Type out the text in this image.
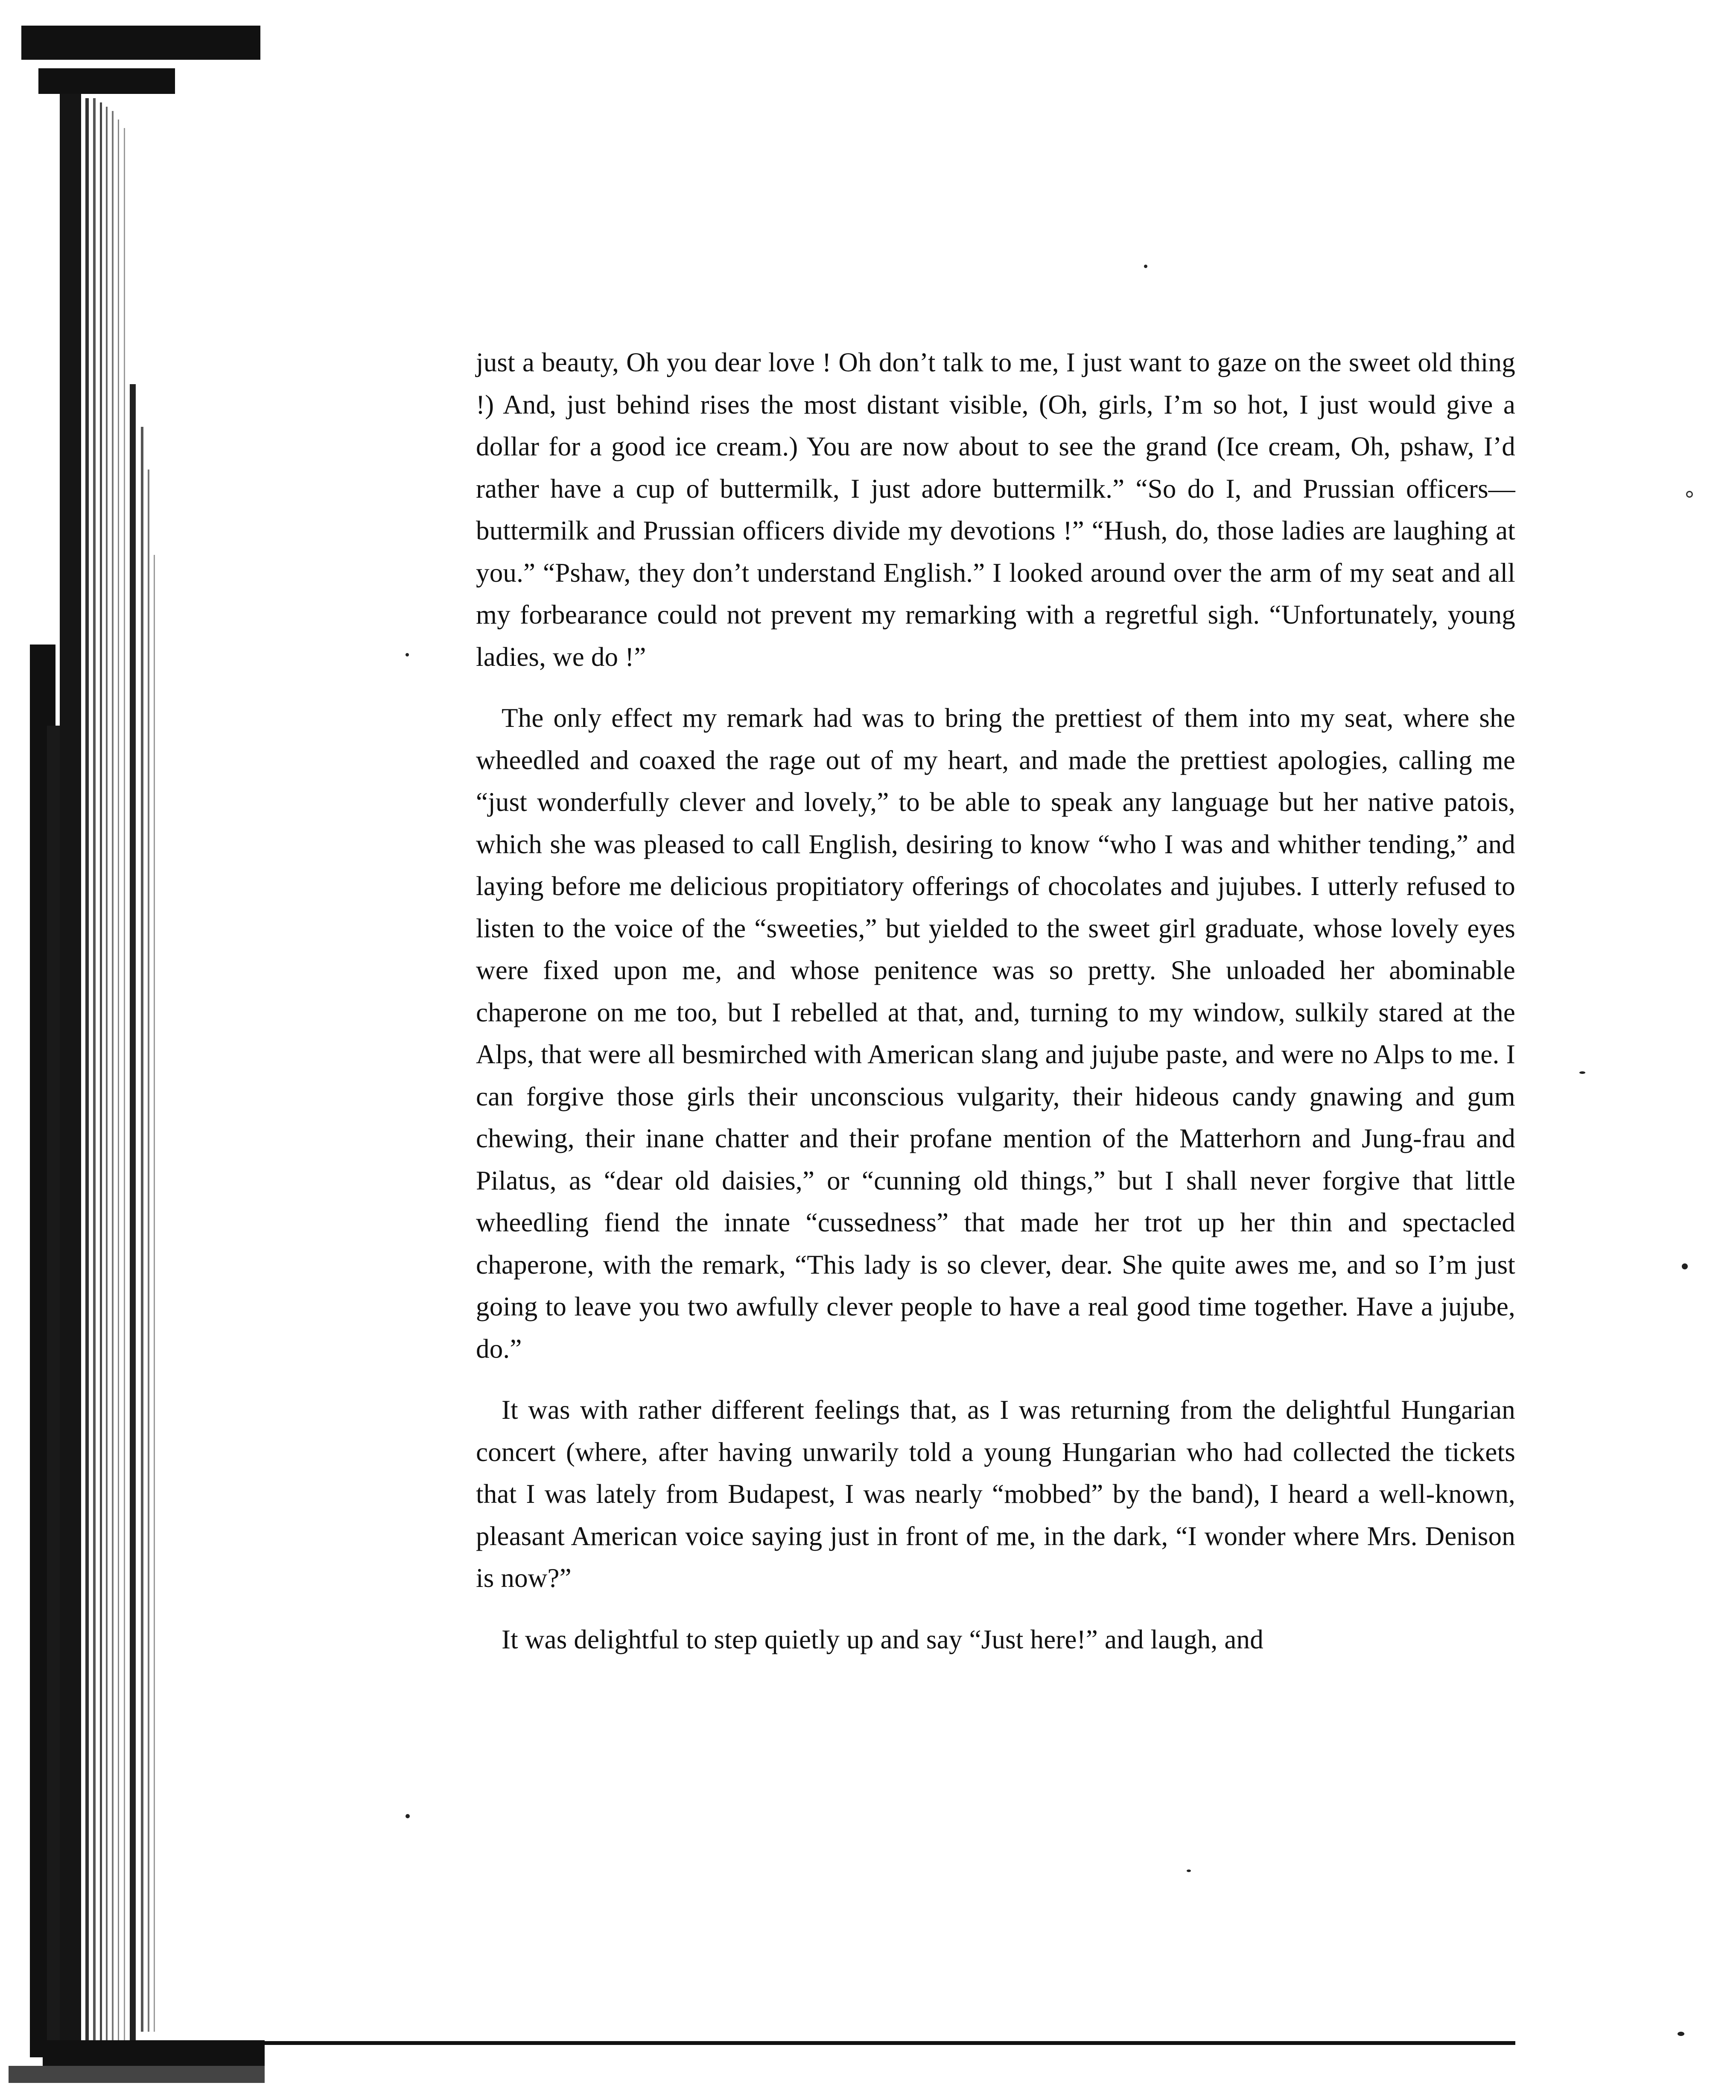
just a beauty, Oh you dear love ! Oh don’t talk to me, I just want to gaze on the sweet old thing !) And, just behind rises the most distant visible, (Oh, girls, I’m so hot, I just would give a dollar for a good ice cream.) You are now about to see the grand (Ice cream, Oh, pshaw, I’d rather have a cup of buttermilk, I just adore buttermilk.” “So do I, and Prussian officers—buttermilk and Prussian officers divide my devotions !” “Hush, do, those ladies are laughing at you.” “Pshaw, they don’t understand English.” I looked around over the arm of my seat and all my forbearance could not prevent my remarking with a regretful sigh. “Unfortunately, young ladies, we do !”

The only effect my remark had was to bring the prettiest of them into my seat, where she wheedled and coaxed the rage out of my heart, and made the prettiest apologies, calling me “just wonderfully clever and lovely,” to be able to speak any language but her native patois, which she was pleased to call English, desiring to know “who I was and whither tending,” and laying before me delicious propitiatory offerings of chocolates and jujubes. I utterly refused to listen to the voice of the “sweeties,” but yielded to the sweet girl graduate, whose lovely eyes were fixed upon me, and whose penitence was so pretty. She unloaded her abominable chaperone on me too, but I rebelled at that, and, turning to my window, sulkily stared at the Alps, that were all besmirched with American slang and jujube paste, and were no Alps to me. I can forgive those girls their unconscious vulgarity, their hideous candy gnawing and gum chewing, their inane chatter and their profane mention of the Matterhorn and Jung-frau and Pilatus, as “dear old daisies,” or “cunning old things,” but I shall never forgive that little wheedling fiend the innate “cussedness” that made her trot up her thin and spectacled chaperone, with the remark, “This lady is so clever, dear. She quite awes me, and so I’m just going to leave you two awfully clever people to have a real good time together. Have a jujube, do.”

It was with rather different feelings that, as I was returning from the delightful Hungarian concert (where, after having unwarily told a young Hungarian who had collected the tickets that I was lately from Budapest, I was nearly “mobbed” by the band), I heard a well-known, pleasant American voice saying just in front of me, in the dark, “I wonder where Mrs. Denison is now?”

It was delightful to step quietly up and say “Just here!” and laugh, and
